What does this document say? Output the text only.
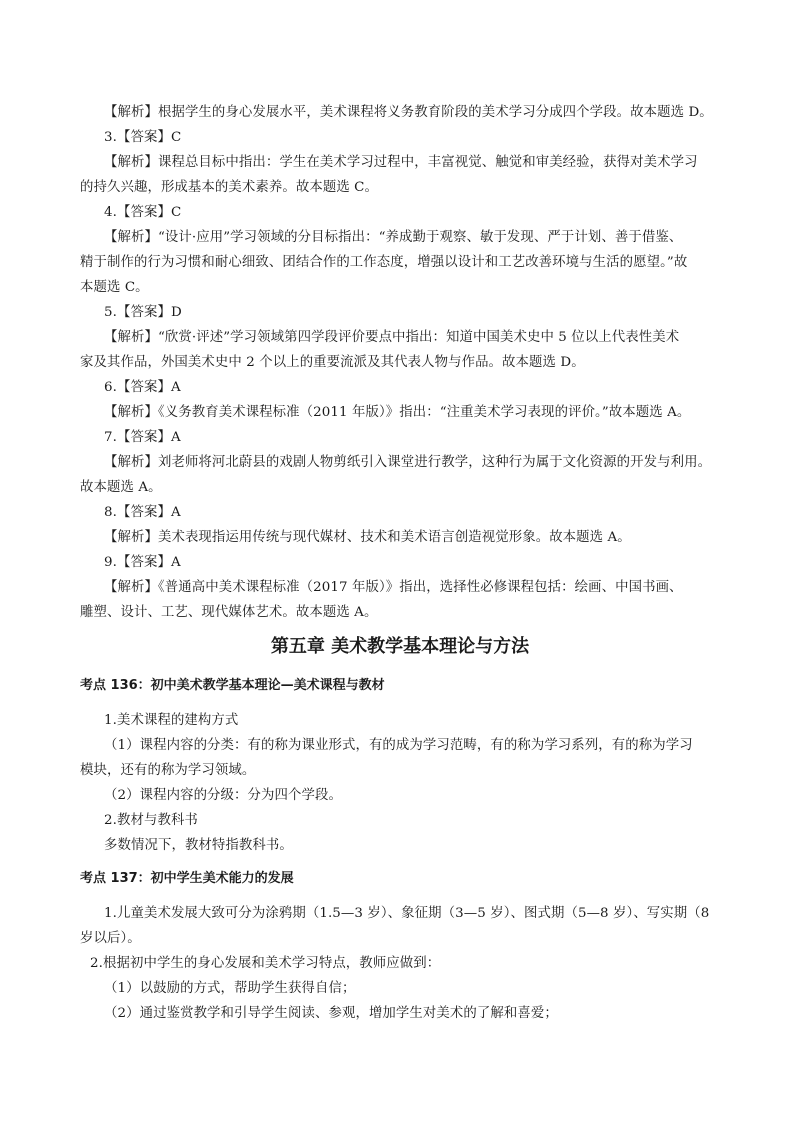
【解析】根据学生的身心发展水平，美术课程将义务教育阶段的美术学习分成四个学段。故本题选 D。
3.【答案】C
【解析】课程总目标中指出：学生在美术学习过程中，丰富视觉、触觉和审美经验，获得对美术学习
的持久兴趣，形成基本的美术素养。故本题选 C。
4.【答案】C
【解析】“设计·应用”学习领域的分目标指出：“养成勤于观察、敏于发现、严于计划、善于借鉴、
精于制作的行为习惯和耐心细致、团结合作的工作态度，增强以设计和工艺改善环境与生活的愿望。”故
本题选 C。
5.【答案】D
【解析】“欣赏·评述”学习领域第四学段评价要点中指出：知道中国美术史中 5 位以上代表性美术
家及其作品，外国美术史中 2 个以上的重要流派及其代表人物与作品。故本题选 D。
6.【答案】A
【解析】《义务教育美术课程标准（2011 年版）》指出：“注重美术学习表现的评价。”故本题选 A。
7.【答案】A
【解析】刘老师将河北蔚县的戏剧人物剪纸引入课堂进行教学，这种行为属于文化资源的开发与利用。
故本题选 A。
8.【答案】A
【解析】美术表现指运用传统与现代媒材、技术和美术语言创造视觉形象。故本题选 A。
9.【答案】A
【解析】《普通高中美术课程标准（2017 年版）》指出，选择性必修课程包括：绘画、中国书画、
雕塑、设计、工艺、现代媒体艺术。故本题选 A。
第五章 美术教学基本理论与方法
考点 136：初中美术教学基本理论—美术课程与教材
1.美术课程的建构方式
（1）课程内容的分类：有的称为课业形式，有的成为学习范畴，有的称为学习系列，有的称为学习
模块，还有的称为学习领域。
（2）课程内容的分级：分为四个学段。
2.教材与教科书
多数情况下，教材特指教科书。
考点 137：初中学生美术能力的发展
1.儿童美术发展大致可分为涂鸦期（1.5—3 岁）、象征期（3—5 岁）、图式期（5—8 岁）、写实期（8
岁以后）。
2.根据初中学生的身心发展和美术学习特点，教师应做到：
（1）以鼓励的方式，帮助学生获得自信；
（2）通过鉴赏教学和引导学生阅读、参观，增加学生对美术的了解和喜爱；
